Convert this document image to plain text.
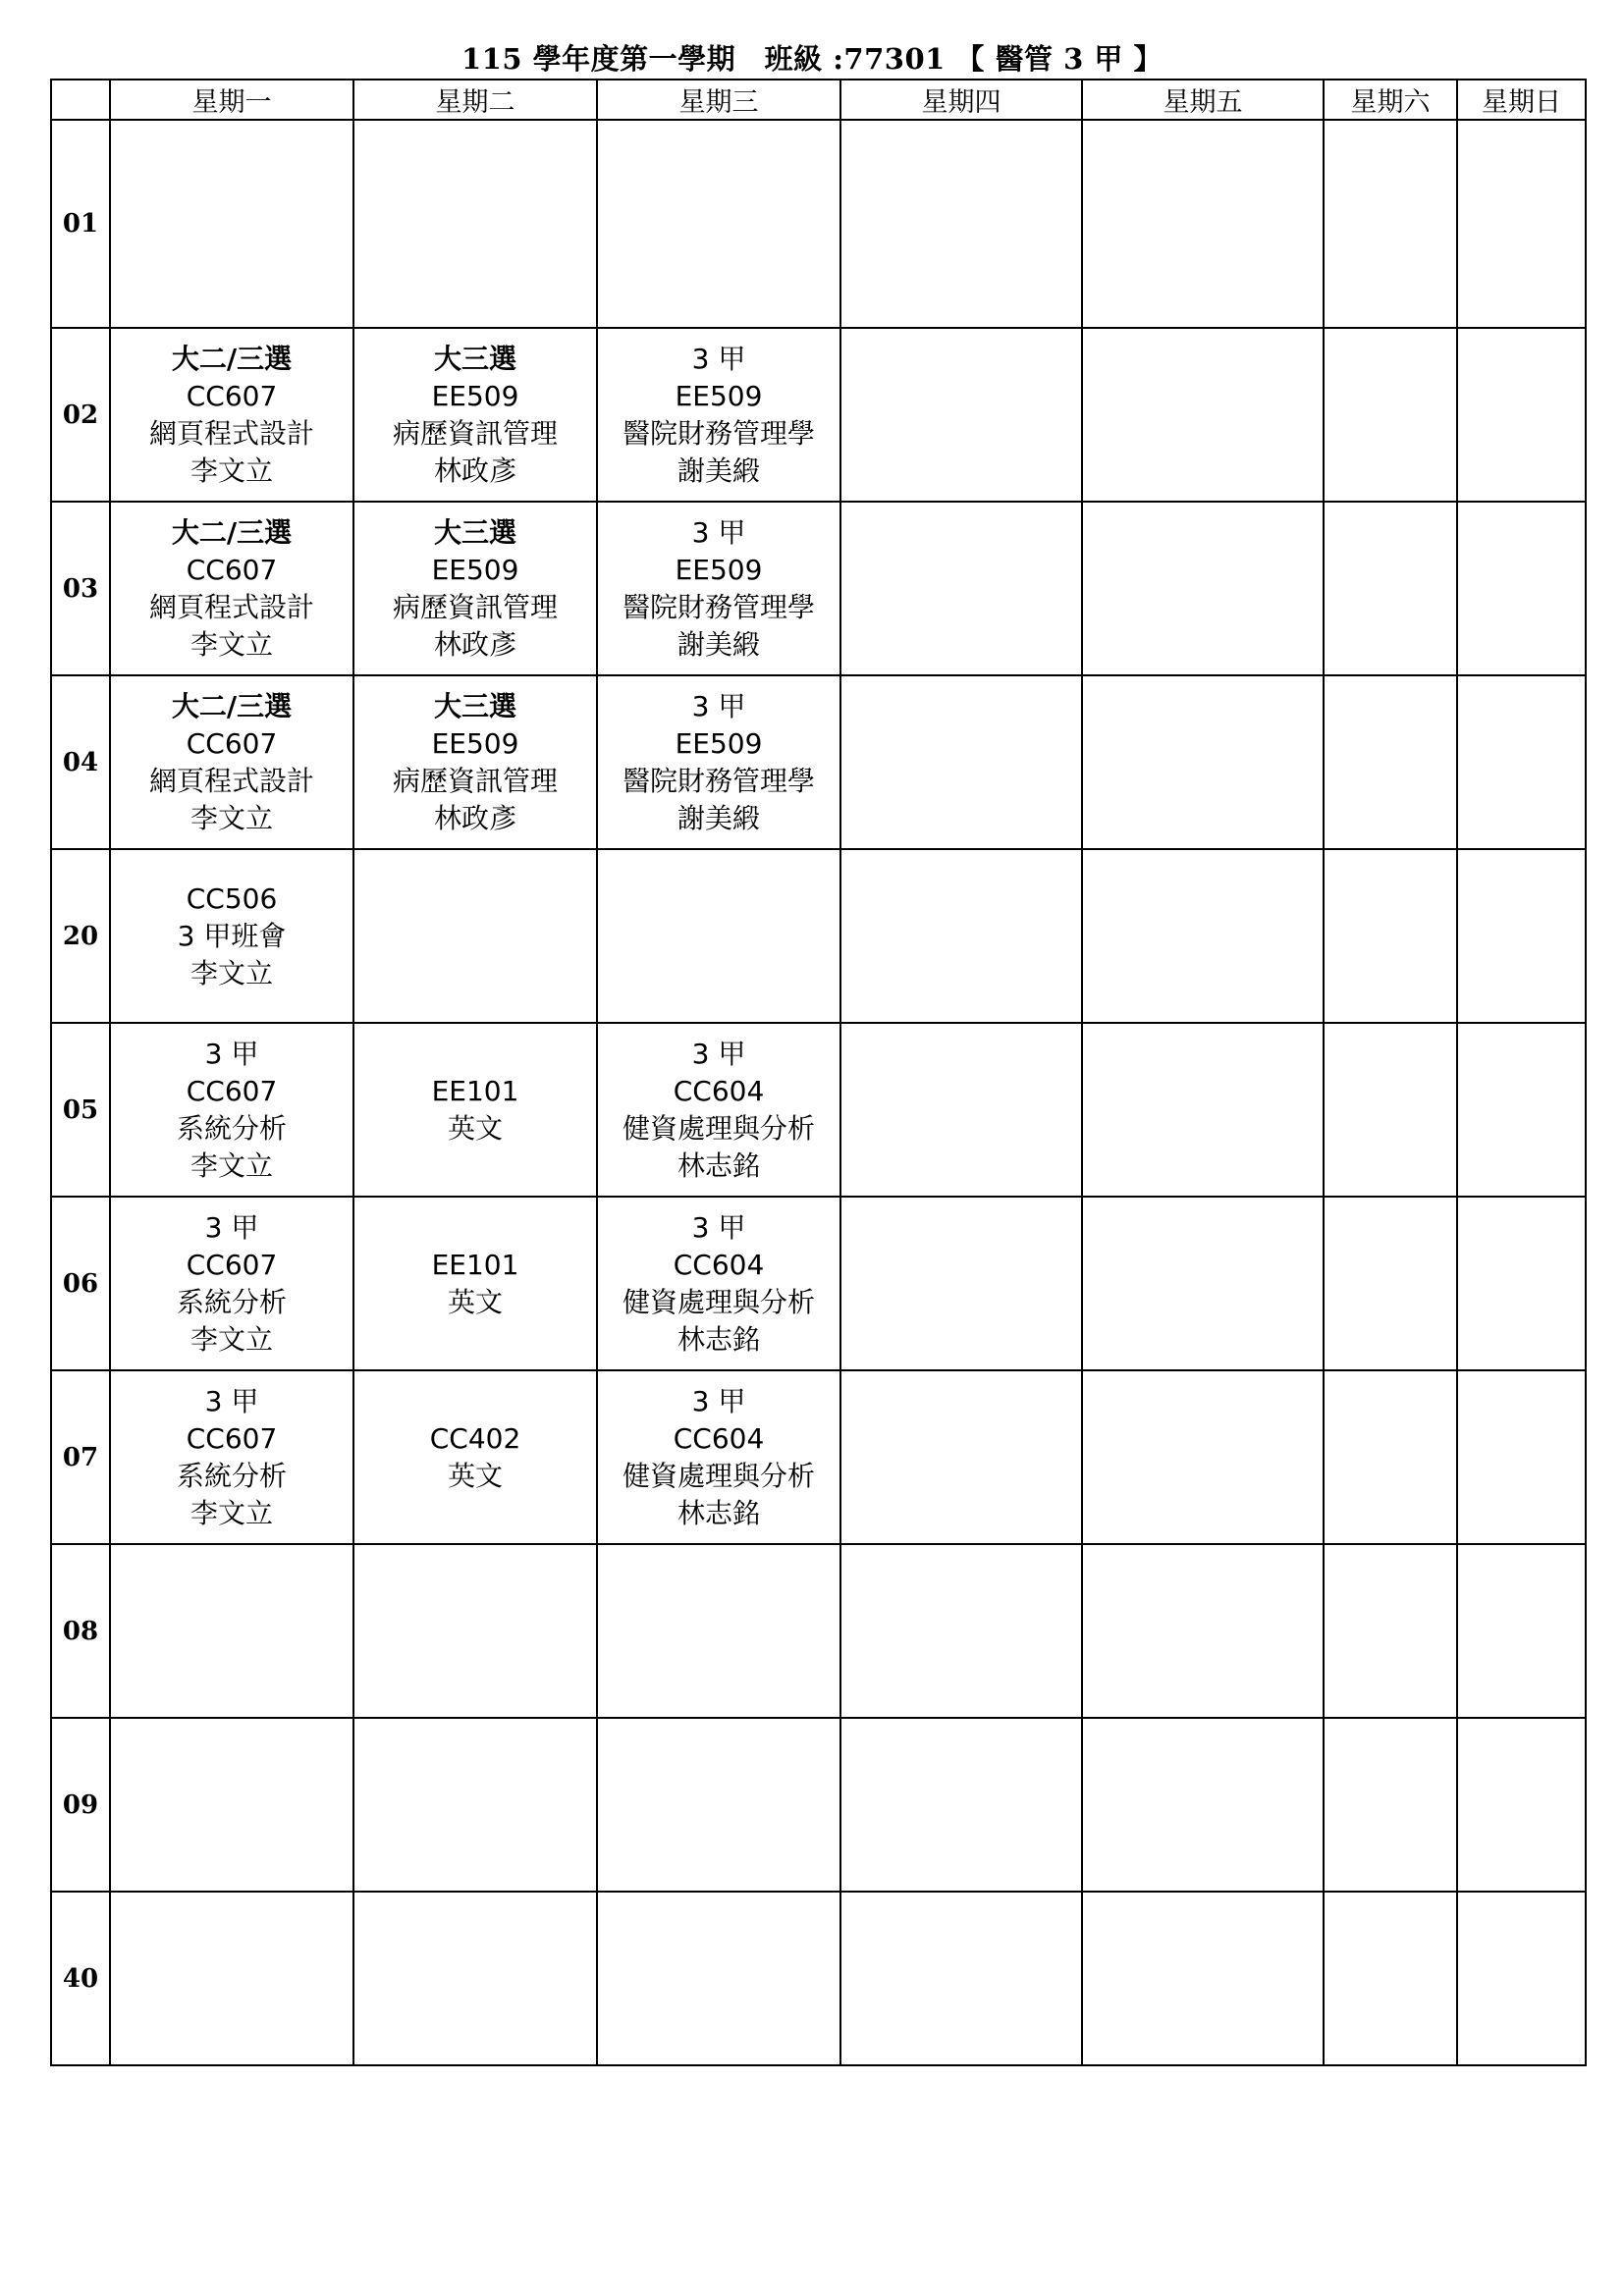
115 學年度第一學期　班級 :77301 【 醫管 3 甲 】
	星期一	星期二	星期三	星期四	星期五	星期六	星期日
01							
02	大二/三選
CC607
網頁程式設計
李文立	大三選
EE509
病歷資訊管理
林政彥	3 甲
EE509
醫院財務管理學
謝美緞				

03	大二/三選
CC607
網頁程式設計
李文立	大三選
EE509
病歷資訊管理
林政彥	3 甲
EE509
醫院財務管理學
謝美緞				

04	大二/三選
CC607
網頁程式設計
李文立	大三選
EE509
病歷資訊管理
林政彥	3 甲
EE509
醫院財務管理學
謝美緞				

20	CC506
3 甲班會
李文立						

05	3 甲
CC607
系統分析
李文立	EE101
英文	3 甲
CC604
健資處理與分析
林志銘				

06	3 甲
CC607
系統分析
李文立	EE101
英文	3 甲
CC604
健資處理與分析
林志銘				

07	3 甲
CC607
系統分析
李文立	CC402
英文	3 甲
CC604
健資處理與分析
林志銘				

08							
09							
40							
